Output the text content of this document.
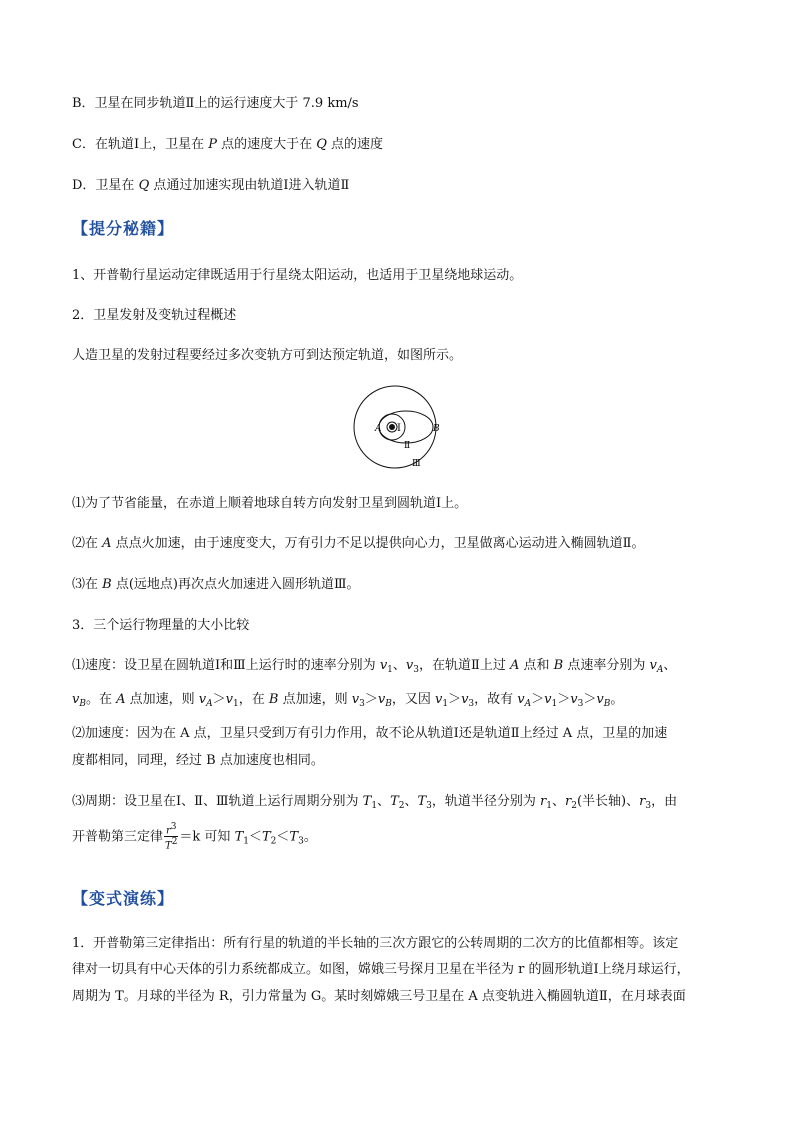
B．卫星在同步轨道Ⅱ上的运行速度大于 7.9 km/s
C．在轨道Ⅰ上，卫星在 P 点的速度大于在 Q 点的速度
D．卫星在 Q 点通过加速实现由轨道Ⅰ进入轨道Ⅱ
【提分秘籍】
1、开普勒行星运动定律既适用于行星绕太阳运动，也适用于卫星绕地球运动。
2．卫星发射及变轨过程概述
人造卫星的发射过程要经过多次变轨方可到达预定轨道，如图所示。
A Ⅰ	B
Ⅱ
Ⅲ
⑴为了节省能量，在赤道上顺着地球自转方向发射卫星到圆轨道Ⅰ上。
⑵在 A 点点火加速，由于速度变大，万有引力不足以提供向心力，卫星做离心运动进入椭圆轨道Ⅱ。
⑶在 B 点(远地点)再次点火加速进入圆形轨道Ⅲ。
3．三个运行物理量的大小比较
⑴速度：设卫星在圆轨道Ⅰ和Ⅲ上运行时的速率分别为 $v_1$、$v_3$，在轨道Ⅱ上过 A 点和 B 点速率分别为 $v_A$、
$v_B$。在 A 点加速，则 $v_A>v_1$，在 B 点加速，则 $v_3>v_B$，又因 $v_1>v_3$，故有 $v_A>v_1>v_3>v_B$。
⑵加速度：因为在 A 点，卫星只受到万有引力作用，故不论从轨道Ⅰ还是轨道Ⅱ上经过 A 点，卫星的加速
度都相同，同理，经过 B 点加速度也相同。
⑶周期：设卫星在Ⅰ、Ⅱ、Ⅲ轨道上运行周期分别为 $T_1$、$T_2$、$T_3$，轨道半径分别为 $r_1$、$r_2$(半长轴)、$r_3$，由
开普勒第三定律 $\frac{r^3}{T^2} =k$ 可知 $T_1<T_2<T_3$。
【变式演练】
1．开普勒第三定律指出：所有行星的轨道的半长轴的三次方跟它的公转周期的二次方的比值都相等。该定
律对一切具有中心天体的引力系统都成立。如图，嫦娥三号探月卫星在半径为 r 的圆形轨道Ⅰ上绕月球运行，
周期为 T。月球的半径为 R，引力常量为 G。某时刻嫦娥三号卫星在 A 点变轨进入椭圆轨道Ⅱ，在月球表面
